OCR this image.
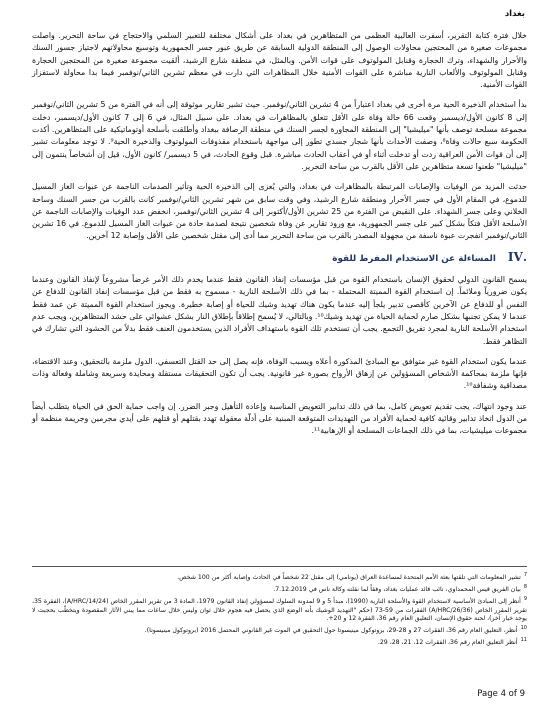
بغداد

خلال فترة كتابة التقرير، أسفرت العالبية العظمى من المتظاهرين في بغداد على أشكال مختلفة للتعبير السلمي والاحتجاج في ساحة التحرير. واصلت مجموعات صغيرة من المحتجين محاولات الوصول إلى المنطقة الدولية السابقة عن طريق عبور جسر الجمهورية وتوسيع محاولاتهم لاجتياز جسور السنك والأحرار والشهداء، وترك الحجارة وقنابل المولوتوف على قوات الأمن. وبالمثل، في منطقة شارع الرشيد، ألقيت مجموعة صغيرة من المحتجين الحجارة وقنابل المولوتوف والألعاب النارية مباشرة على القوات الأمنية خلال المظاهرات التي دارت في معظم تشرين الثاني/نوفمبر فيما بدا محاولة لاستفزاز القوات الأمنية.

بدأ استخدام الذخيرة الحية مرة أخرى في بغداد اعتباراً من 4 تشرين الثاني/نوفمبر. حيث تشير تقارير موثوقة إلى أنه في الفترة من 5 تشرين الثاني/نوفمبر إلى 8 كانون الأول/ديسمبر وقعت 66 حالة وفاة على الأقل تتعلق بالمظاهرات في بغداد. على سبيل المثال، في 6 إلى 7 كانون الأول/ديسمبر، دخلت مجموعة مسلحة توصف بأنها "ميليشيا" إلى المنطقة المجاورة لجسر السنك في منطقة الرصافة ببغداد وأطلقت بأسلحة أوتوماتيكية على المتظاهرين. أكدت الحكومة سبع حالات وفاة⁸، وصفت الأحداث بأنها شجار جسدي تطور إلى مواجهة باستخدام مقذوفات المولوتوف والذخيرة الحية⁹. لا توجد معلومات تشير إلى أن قوات الأمن العراقية ردت أو تدخلت أثناء أو في أعقاب الحادث مباشرة. قبل وقوع الحادث، في 5 ديسمبر/ كانون الأول، قيل إن أشخاصاً ينتمون إلى "ميليشيا" طعنوا تسعة متظاهرين على الأقل بالقرب من ساحة التحرير.

حدثت المزيد من الوفيات والإصابات المرتبطة بالمظاهرات في بغداد، والتي يُعزى إلى الذخيرة الحية وتأثير الصدمات الناجمة عن عبوات الغاز المسيل للدموع، في المقام الأول في جسر الأحرار ومنطقة شارع الرشيد، وفي وقت سابق من شهر تشرين الثاني/نوفمبر كانت بالقرب من جسر السنك وساحة الخلاني وعلى جسر الشهداء. على النقيض من الفترة من 25 تشرين الأول/أكتوبر إلى 4 تشرين الثاني/نوفمبر، انخفض عدد الوفيات والإصابات الناجمة عن الأسلحة الأقل فتكاً بشكل كبير على جسر الجمهورية، مع ورود تقارير عن وفاة شخصين نتيجة لصدمة حادة من عبوات الغاز المسيل للدموع. في 16 تشرين الثاني/نوفمبر انفجرت عبوة ناسفة من مجهولة المصدر بالقرب من ساحة التحرير مما أدى إلى مقتل شخصين على الأقل وإصابة 12 آخرين.

.IV
المساءلة عن الاستخدام المفرط للقوة

يسمح القانون الدولي لحقوق الإنسان باستخدام القوة من قبل مؤسسات إنفاذ القانون فقط عندما يخدم ذلك الأمر غرضاً مشروعاً لإنفاذ القانون وعندما يكون ضرورياً وملائماً. إن استخدام القوة المميتة المحتملة - بما في ذلك الأسلحة النارية - مسموح به فقط من قبل مؤسسات إنفاذ القانون للدفاع عن النفس أو للدفاع عن الآخرين كأقصى تدبير يلجأ إليه عندما يكون هناك تهديد وشيك للحياة أو إصابة خطيرة. ويجوز استخدام القوة المميتة عن عمد فقط عندما لا يمكن تجنبها بشكل صارم لحماية الحياة من تهديد وشيك¹⁰. وبالتالي، لا يُسمح إطلاقاً بإطلاق النار بشكل عشوائي على حشد المتظاهرين، ويجب عدم استخدام الأسلحة النارية لمجرد تفريق التجمع. يجب أن تستخدم تلك القوة باستهداف الأفراد الذين يستخدمون العنف فقط بدلاً من الحشود التي تشارك في التظاهر فقط.

عندما يكون استخدام القوة غير متوافق مع المبادئ المذكورة أعلاه ويسبب الوفاة، فإنه يصل إلى حد القتل التعسفي. الدول ملزمة بالتحقيق، وعند الاقتضاء، فإنها ملزمة بمحاكمة الأشخاص المسؤولين عن إزهاق الأرواح بصورة غير قانونية. يجب أن تكون التحقيقات مستقلة ومحايدة وسريعة وشاملة وفعالة وذات مصداقية وشفافة¹⁰.

عند وجود انتهاك، يجب تقديم تعويض كامل، بما في ذلك تدابير التعويض المناسبة وإعادة التأهيل وجبر الضرر. إن واجب حماية الحق في الحياة يتطلب أيضاً من الدول اتخاذ تدابير وقائية كافية لحماية الأفراد من التهديدات المتوقعة المبنية على أدلّة معقولة تهدد بقتلهم أو قتلهم على أيدي مجرمين وجريمة منظمة أو مجموعات ميليشيات، بما في ذلك الجماعات المسلحة أو الإرهابية¹¹.

$^7$تشير المعلومات التي تلقتها بعثة الأمم المتحدة لمساعدة العراق (يونامي) إلى مقتل 22 شخصاً في الحادث وإصابة أكثر من 100 شخص.

$^8$بيان الفريق قيس المحمداوي، نائب قائد عمليات بغداد، وفقاً لما نقلته وكالة ناس في 7.12.2019.

$^9$أنظر إلى المبادئ الأساسية لاستخدام القوة والأسلحة النارية (1990)، مبدأ 5 و 9 لمدونة السلوك لمسؤولي إنفاذ القانون 1979، المادة 3 من تقرير المقرر الخاص (A/HRC/14/24)، الفقرة 35، تقرير المقرر الخاص (A/HRC/26/36) الفقرات من 59-73 (حكم "التهديد الوشيك بأنه الوضع الذي يحصل فيه هجوم خلال ثوان وليس خلال ساعات مما يبني الآثار المقصودة ويتخطّب بحجبت لا يوجد خيار آخر)، لجنة حقوق الإنسان، التعليق العام رقم 36، الفقرة 12 و 20+.

$^{10}$أنظر، التعليق العام رقم 36، الفقرات 27 و 28-29، بروتوكول مينيسوتا حول التحقيق في الموت غير القانوني المحتمل 2016 (بروتوكول مينيسوتا).

$^{11}$أنظر التعليق العام رقم 36، الفقرات 12، 21، 28، 29.

Page 4 of 9
